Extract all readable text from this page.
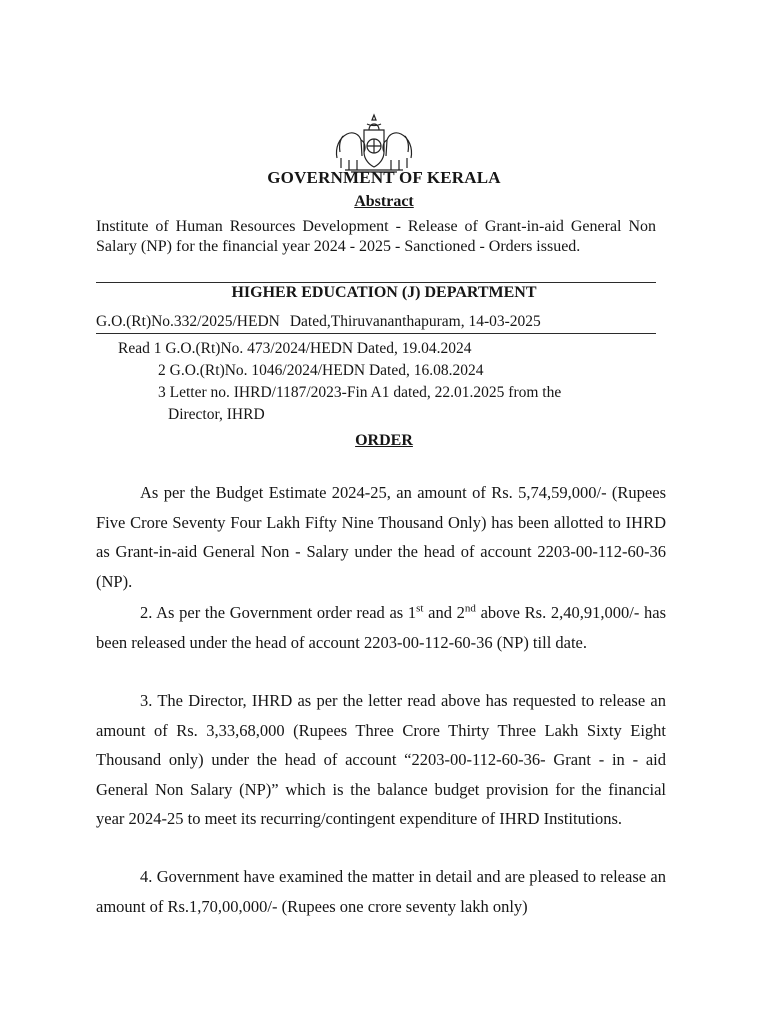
GOVERNMENT OF KERALA
Abstract
Institute of Human Resources Development - Release of Grant-in-aid General Non Salary (NP) for the financial year 2024 - 2025 - Sanctioned - Orders issued.
HIGHER EDUCATION (J) DEPARTMENT
G.O.(Rt)No.332/2025/HEDN Dated,Thiruvananthapuram, 14-03-2025
Read 1 G.O.(Rt)No. 473/2024/HEDN Dated, 19.04.2024
2 G.O.(Rt)No. 1046/2024/HEDN Dated, 16.08.2024
3 Letter no. IHRD/1187/2023-Fin A1 dated, 22.01.2025 from the
Director, IHRD
ORDER
As per the Budget Estimate 2024-25, an amount of Rs. 5,74,59,000/- (Rupees Five Crore Seventy Four Lakh Fifty Nine Thousand Only) has been allotted to IHRD as Grant-in-aid General Non - Salary under the head of account 2203-00-112-60-36 (NP).
2. As per the Government order read as 1st and 2nd above Rs. 2,40,91,000/- has been released under the head of account 2203-00-112-60-36 (NP) till date.
3. The Director, IHRD as per the letter read above has requested to release an amount of Rs. 3,33,68,000 (Rupees Three Crore Thirty Three Lakh Sixty Eight Thousand only) under the head of account “2203-00-112-60-36- Grant - in - aid General Non Salary (NP)” which is the balance budget provision for the financial year 2024-25 to meet its recurring/contingent expenditure of IHRD Institutions.
4. Government have examined the matter in detail and are pleased to release an amount of Rs.1,70,00,000/- (Rupees one crore seventy lakh only)
